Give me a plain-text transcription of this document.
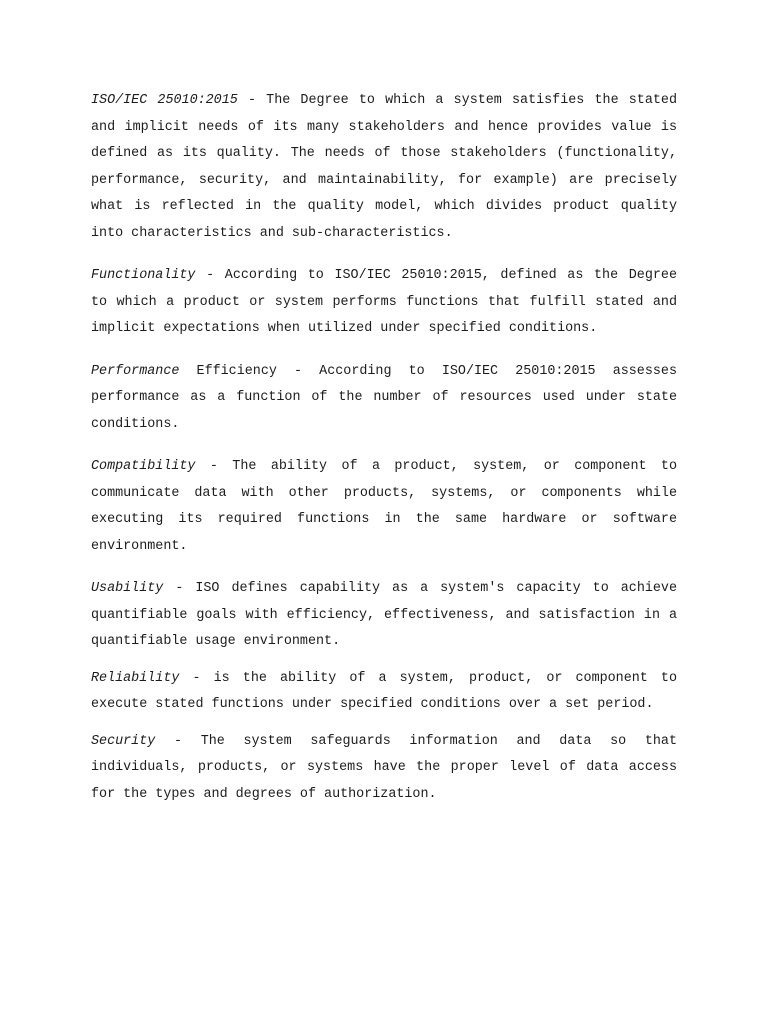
ISO/IEC 25010:2015 - The Degree to which a system satisfies the stated and implicit needs of its many stakeholders and hence provides value is defined as its quality. The needs of those stakeholders (functionality, performance, security, and maintainability, for example) are precisely what is reflected in the quality model, which divides product quality into characteristics and sub-characteristics.

Functionality - According to ISO/IEC 25010:2015, defined as the Degree to which a product or system performs functions that fulfill stated and implicit expectations when utilized under specified conditions.

Performance Efficiency - According to ISO/IEC 25010:2015 assesses performance as a function of the number of resources used under state conditions.

Compatibility - The ability of a product, system, or component to communicate data with other products, systems, or components while executing its required functions in the same hardware or software environment.

Usability - ISO defines capability as a system's capacity to achieve quantifiable goals with efficiency, effectiveness, and satisfaction in a quantifiable usage environment.

Reliability - is the ability of a system, product, or component to execute stated functions under specified conditions over a set period.

Security - The system safeguards information and data so that individuals, products, or systems have the proper level of data access for the types and degrees of authorization.
